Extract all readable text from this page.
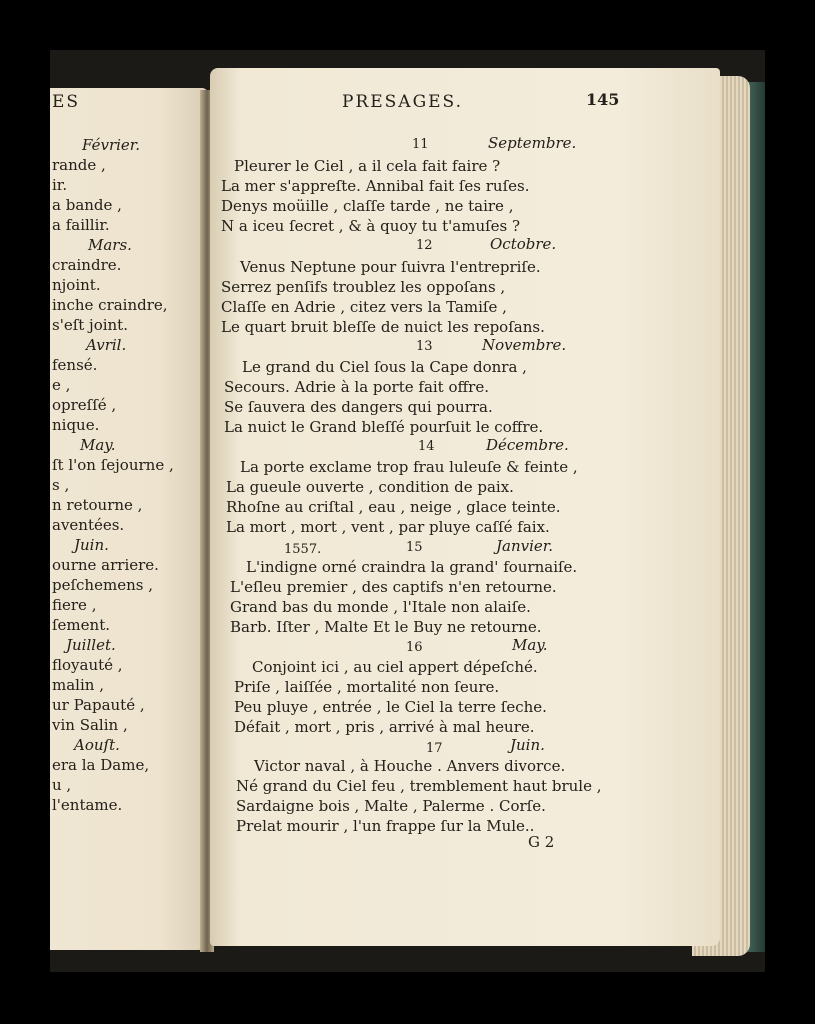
ES
Février.
rande ,
ir.
a bande ,
a faillir.
Mars.
craindre.
njoint.
inche craindre,
s'eſt joint.
Avril.
fensé.
e ,
opreſſé ,
nique.
May.
ſt l'on ſejourne ,
s ,
n retourne ,
aventées.
Juin.
ourne arriere.
peſchemens ,
fiere ,
ſement.
Juillet.
floyauté ,
malin ,
ur Papauté ,
vin Salin ,
Aouſt.
era la Dame,
u ,
l'entame.
PRESAGES.	145
11	Septembre.
Pleurer le Ciel , a il cela fait faire ?
La mer s'appreſte. Annibal fait ſes ruſes.
Denys moüille , claſſe tarde , ne taire ,
N a iceu ſecret , & à quoy tu t'amuſes ?
12	Octobre.
Venus Neptune pour ſuivra l'entrepriſe.
Serrez penſifs troublez les oppoſans ,
Claſſe en Adrie , citez vers la Tamiſe ,
Le quart bruit bleſſe de nuict les repoſans.
13	Novembre.
Le grand du Ciel ſous la Cape donra ,
Secours. Adrie à la porte fait offre.
Se ſauvera des dangers qui pourra.
La nuict le Grand bleſſé pourſuit le coffre.
14	Décembre.
La porte exclame trop frau luleuſe & feinte ,
La gueule ouverte , condition de paix.
Rhoſne au criſtal , eau , neige , glace teinte.
La mort , mort , vent , par pluye caſſé faix.
1557.	15	Janvier.
L'indigne orné craindra la grand' fournaiſe.
L'eſleu premier , des captifs n'en retourne.
Grand bas du monde , l'Itale non alaiſe.
Barb. Iſter , Malte Et le Buy ne retourne.
16	May.
Conjoint ici , au ciel appert dépeſché.
Priſe , laiſſée , mortalité non ſeure.
Peu pluye , entrée , le Ciel la terre ſeche.
Défait , mort , pris , arrivé à mal heure.
17	Juin.
Victor naval , à Houche . Anvers divorce.
Né grand du Ciel feu , tremblement haut brule ,
Sardaigne bois , Malte , Palerme . Corſe.
Prelat mourir , l'un frappe ſur la Mule..
G 2
